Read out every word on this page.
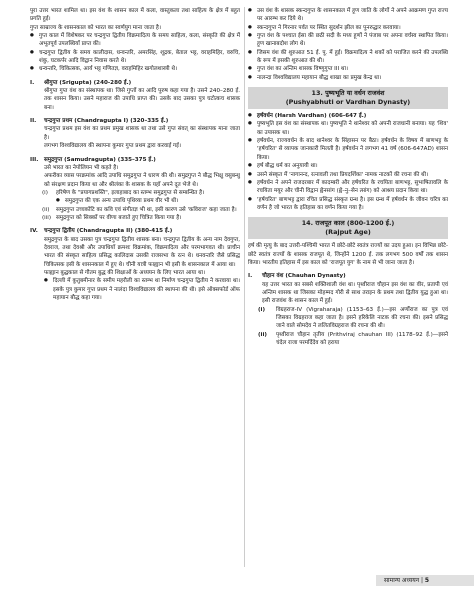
पुरा उत्तर भारत शामिल था। इस वंश के शासन काल में कला, वास्तुकला तथा साहित्य के क्षेत्र में बहुत प्रगति हुई।

गुप्त साम्राज्य के शासनकाल को भारत का स्वर्णयुग माना जाता है।

● गुप्त काल में विशेषकर पर चन्द्रगुप्त द्वितीय विक्रमादित्य के समय साहित्य, कला, संस्कृति की क्षेत्र में अभूतपूर्व उपलब्धियाँ प्राप्त की।

● चन्द्रगुप्त द्वितीय के समय कालीदास, धन्वन्तरि, अमरसिंह, शूद्रक, बेताल भट्ट, वराहमिहिर, वरुचि, शंकु, घटकर्पर आदि विद्वान निवास करते थे।

● धन्वन्तरि, चिकित्सक, आर्य भट्ट गणितज्ञ, वराहमिहिर खगोलशास्त्री थे।

I.	श्रीगुप्त (Srigupta) (240-280 ई.)

श्रीगुप्त गुप्त वंश का संस्थापक था। जिसे गुप्तों का आदि पुरुष कहा गया है। उसने 240–280 ई. तक शासन किया। उसने महाराज की उपाधि प्राप्त की। उसके बाद उसका पुत्र घटोत्कच शासक बना।

II.	चन्द्रगुप्त प्रथम (Chandragupta I) (320–335 ई.)

चन्द्रगुप्त प्रथम इस वंश का प्रथम प्रमुख शासक था तथा उसे गुप्त संवत् का संस्थापक माना जाता है।

लगभग विश्वविद्यालय की स्थापना कुमार गुप्त प्रथम द्वारा करवाई गई।

III.	समुद्रगुप्त (Samudragupta) (335–375 ई.)

उसे भारत का नेपोलियन भी कहते है।

अफरीका व्यास परक्रमांक आदि उपाधि समुद्रगुप्त ने धारण की थी। समुद्रगुप्त ने बौद्ध भिक्षु वसुबन्धु को संरक्षण प्रदान किया था और श्रीलंका के शासक के यहाँ अपने दूत भेजे थे।

(i) हरिषेण के "प्रयागप्रशस्ति", इलाहाबाद का स्तम्भ समुद्रगुप्त से सम्बन्धित है।

● समुद्रगुप्त की एक अन्य उपाधि पृथिव्या प्रथम वीर भी थी।

(ii) समुद्रगुप्त उच्चकोटि का कवि एवं संगीतज्ञ भी था, इसी कारण उसे 'कविराज' कहा जाता है।
(iii) समुद्रगुप्त को सिक्कों पर वीणा बजाते हुए चित्रित किया गया है।
IV.	चन्द्रगुप्त द्वितीय (Chandragupta II) (380-415 ई.)

समुद्रगुप्त के बाद उसका पुत्र चन्द्रगुप्त द्वितीय शासक बना। चन्द्रगुप्त द्वितीय के अन्य नाम देवगुप्त, देवराज, तथा देवश्री और उपाधियाँ क्रमशः विक्रमांक, विक्रमादित्य और परमभागवत थी। प्राचीन भारत की संस्कृत साहित्य प्रसिद्ध कालिदास उसकी राजसभा के रत्न थे। धनवन्तरि जैसे प्रसिद्ध चिकित्सक इसी के शासनकाल में हुए थे। चीनी यात्री फाह्यान भी इसी के शासनकाल में आया था।

फाह्यान बुद्धकाल से गौतम बुद्ध की शिक्षाओं के अध्ययन के लिए भारत आया था।

● दिल्ली में कुतुबमीनार के समीप महरौली का स्तम्भ था निर्माण चन्द्रगुप्त द्वितीय ने करवाया था। इसके पुत्र कुमार गुप्त प्रथम ने नालंदा विश्वविद्यालय की स्थापना की थी। इसे ऑक्सफोर्ड ऑफ महायान बौद्ध कहा गया।

● उस वंश के शासक स्कन्दगुप्त के शासनकाल में हूण जाति के लोगों ने अपने आक्रमण गुप्त राज्य पर आरम्भ कर दिये थे।

● स्कन्दगुप्त ने गिरनार पर्वत पर स्थित सुदर्शन झील का पुनरुद्धार करवाया।

● गुप्त वंश के पश्चात ईसा की छठी सदी के मध्य हूणों ने पंजाब पर अपना वर्चस्व स्थापित किया। हूण खानाबदोश लोग थे।

● जिसम वंश की शुरुआत 51 ई. पू. में हुई। विक्रमादित्य ने शकों को पराजित करने की उपलब्धि के रूप में इसकी शुरुआत की थी।

● गुप्त वंश का अन्तिम शासक विष्णुगुप्त III था।

● नालन्दा विश्वविद्यालय महायान बौद्ध शाखा का प्रमुख केन्द्र था।

13. पुष्यभूति या वर्धन राजवंश
(Pushyabhuti or Vardhan Dynasty)

● हर्षवर्धन (Harsh Vardhan) (606-647 ई.)

● पुष्यभूति इस वंश का संस्थापक था। पुष्यभूति ने थानेश्वर को अपनी राजधानी बनाया। यह 'शिव' का उपासक था।

● हर्षवर्धन, राज्यवर्धन के बाद थानेश्वर के सिंहासन पर बैठा। हर्षवर्धन के विषय में बाणभट्ट के 'हर्षचरित' से व्यापक जानकारी मिलती है। हर्षवर्धन ने लगभग 41 वर्ष (606-647AD) शासन किया।

● हर्ष बौद्ध धर्म का अनुयायी था।

● उसने संस्कृत में 'नागानन्द, रत्नावली तथा प्रियदर्शिका' नामक नाटकों की रचना की थी।

● हर्षवर्धन ने अपने राजदरबार में कादम्बरी और हर्षचरित के रचयिता बाणभट्ट, सुभाषितावलि के रचयिता मयूर और चीनी विद्वान ह्वेनसांग (ह्वे–नु–सेन त्सांग) को आश्रय प्रदान किया था।

● 'हर्षचरित' बाणभट्ट द्वारा रचित प्रसिद्ध संस्कृत ग्रन्थ है। इस ग्रन्थ में हर्षवर्धन के जीवन चरित्र का वर्णन है जो भारत के इतिहास का वर्णन किया गया है।

14. राजपूत काल (800-1200 ई.)
(Rajput Age)

हर्ष की मृत्यु के बाद उत्तरी-पश्चिमी भारत में छोटे-छोटे स्वतंत्र राज्यों का उदय हुआ। इन विभिन्न छोटे-छोटे स्वतंत्र राज्यों के शासक राजपूत थे, जिन्होंने 1200 ई. तक लगभग 500 वर्षों तक शासन किया। भारतीय इतिहास में इस काल को 'राजपूत युग' के नाम से भी जाना जाता है।

I.	चौहान वंश (Chauhan Dynasty)

यह उत्तर भारत का सबसे शक्तिशाली वंश था। पृथ्वीराज चौहान इस वंश का वीर, प्रतापी एवं अन्तिम शासक था जिसका मोहम्मद गोरी से साथ तराइन के प्रथम तथा द्वितीय युद्ध हुआ था। इसी राजवंश के शासन काल में हुई।

(i) विग्रहराज-IV (Vigraharaja) (1153–63 ई.)—इस अर्णोराज का पुत्र एवं जिसका विग्रहराज कहा जाता है। इसने हरिकेलि नाटक की रचना की। इसने प्रसिद्ध जाने वाले सोमदेव ने ललितविग्रहराज की रचना की थी।
(ii) पृथ्वीराज चौहान तृतीय (Prithviraj chauhan III) (1178–92 ई.)—इसने चंदेल राजा परमर्दिदेव को हराया
सामान्य अध्ययन | 5
